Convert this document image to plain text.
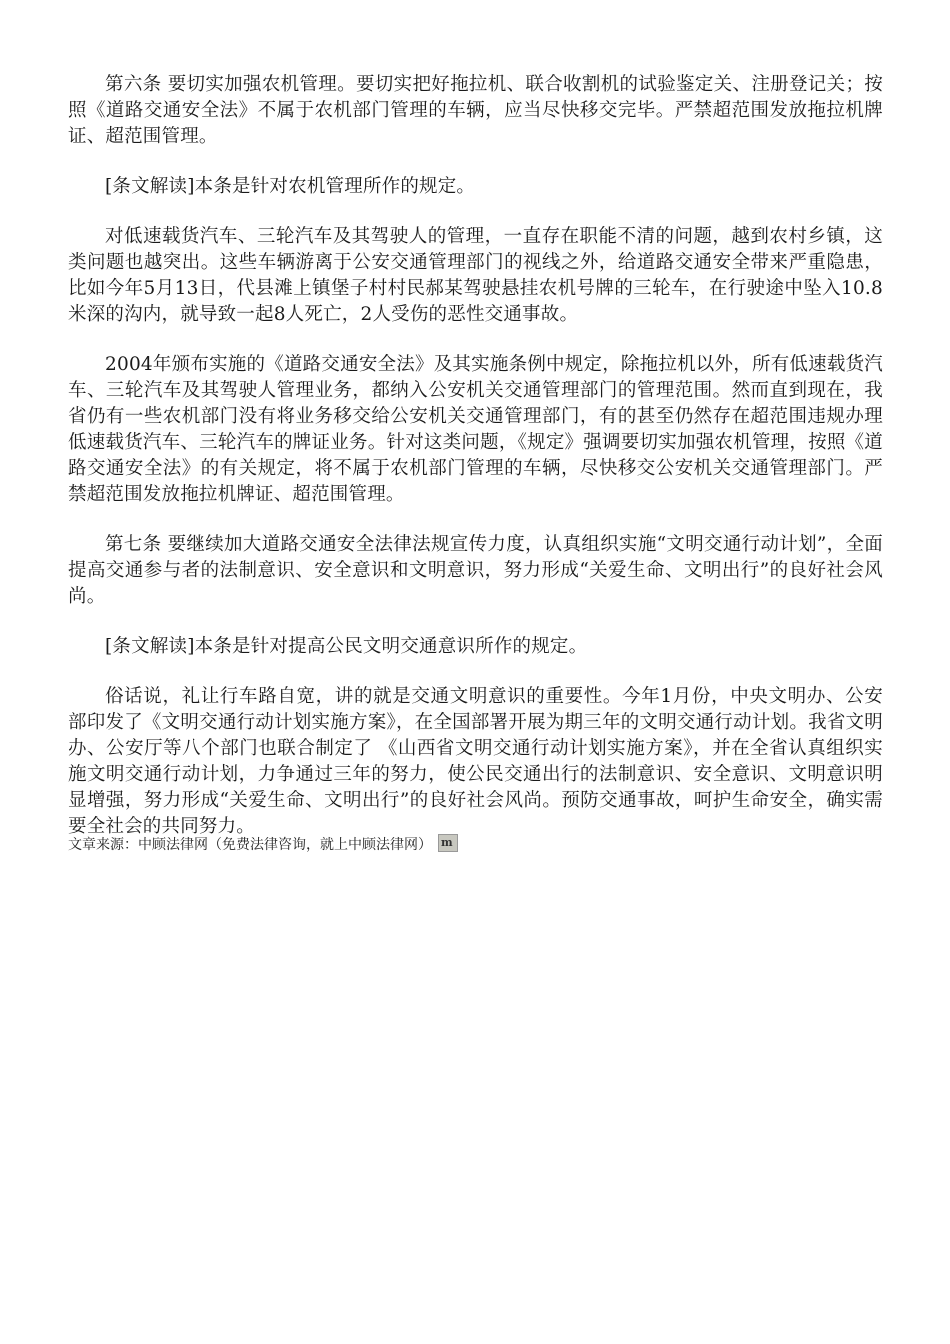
第六条 要切实加强农机管理。要切实把好拖拉机、联合收割机的试验鉴定关、注册登记关；按照《道路交通安全法》不属于农机部门管理的车辆，应当尽快移交完毕。严禁超范围发放拖拉机牌证、超范围管理。

[条文解读]本条是针对农机管理所作的规定。

对低速载货汽车、三轮汽车及其驾驶人的管理，一直存在职能不清的问题，越到农村乡镇，这类问题也越突出。这些车辆游离于公安交通管理部门的视线之外，给道路交通安全带来严重隐患，比如今年5月13日，代县滩上镇堡子村村民郝某驾驶悬挂农机号牌的三轮车，在行驶途中坠入10.8米深的沟内，就导致一起8人死亡，2人受伤的恶性交通事故。

2004年颁布实施的《道路交通安全法》及其实施条例中规定，除拖拉机以外，所有低速载货汽车、三轮汽车及其驾驶人管理业务，都纳入公安机关交通管理部门的管理范围。然而直到现在，我省仍有一些农机部门没有将业务移交给公安机关交通管理部门，有的甚至仍然存在超范围违规办理低速载货汽车、三轮汽车的牌证业务。针对这类问题，《规定》强调要切实加强农机管理，按照《道路交通安全法》的有关规定，将不属于农机部门管理的车辆，尽快移交公安机关交通管理部门。严禁超范围发放拖拉机牌证、超范围管理。

第七条 要继续加大道路交通安全法律法规宣传力度，认真组织实施“文明交通行动计划”，全面提高交通参与者的法制意识、安全意识和文明意识，努力形成“关爱生命、文明出行”的良好社会风尚。

[条文解读]本条是针对提高公民文明交通意识所作的规定。

俗话说，礼让行车路自宽，讲的就是交通文明意识的重要性。今年1月份，中央文明办、公安部印发了《文明交通行动计划实施方案》，在全国部署开展为期三年的文明交通行动计划。我省文明办、公安厅等八个部门也联合制定了 《山西省文明交通行动计划实施方案》，并在全省认真组织实施文明交通行动计划，力争通过三年的努力，使公民交通出行的法制意识、安全意识、文明意识明显增强，努力形成“关爱生命、文明出行”的良好社会风尚。预防交通事故，呵护生命安全，确实需要全社会的共同努力。

文章来源：中顾法律网（免费法律咨询，就上中顾法律网） m
